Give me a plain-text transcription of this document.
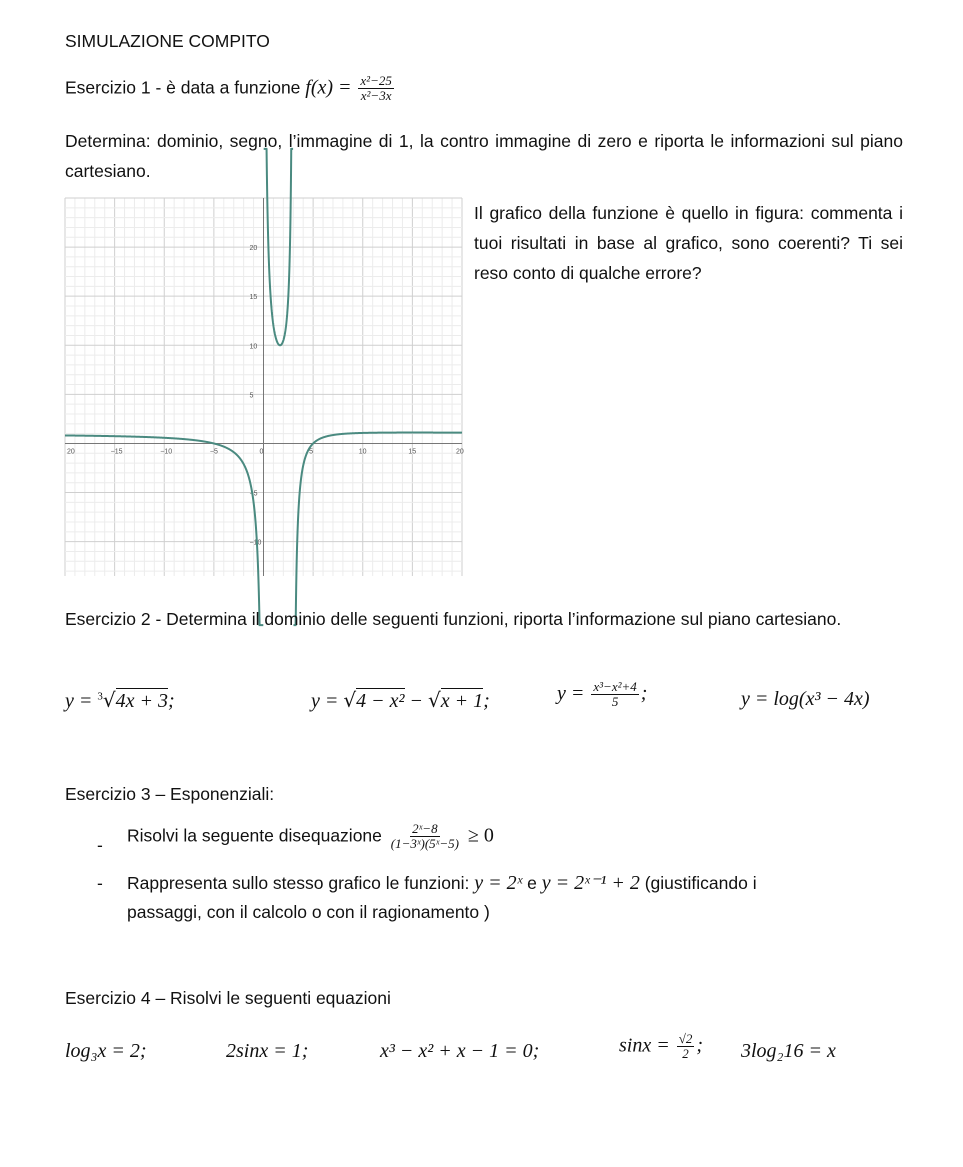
SIMULAZIONE COMPITO
Esercizio 1 - è data a funzione $f(x) = \frac{\text{x²−25}}{\text{x²−3x}}$
Determina: dominio, segno, l’immagine di 1, la contro immagine di zero e riporta le informazioni sul piano cartesiano.
20	−15	−10	−5	0	5	10	15	20
20
15
10
5
−5
−10
Il grafico della funzione è quello in figura: commenta i tuoi risultati in base al grafico, sono coerenti? Ti sei reso conto di qualche errore?
Esercizio 2 - Determina il dominio delle seguenti funzioni, riporta l’informazione sul piano cartesiano.
y = $^3$√4x + 3;	y = √4 − x² − √x + 1;	$y = \frac{\text{x³−x²+4}}{5}$ ;	y = log(x³ − 4x)
Esercizio 3 – Esponenziali:
- Risolvi la seguente disequazione $\frac{\text{2ˣ−8}}{\text{(1−3ˣ)(5ˣ−5)}} \ge 0$
- Rappresenta sullo stesso grafico le funzioni: y = 2ˣ e y = 2ˣ⁻¹ + 2 (giustificando i
passaggi, con il calcolo o con il ragionamento )
Esercizio 4 – Risolvi le seguenti equazioni
log₃x = 2;	2sinx = 1;	x³ − x² + x − 1 = 0;	$\sin x = \frac{√2}{2}$ ; 3log₂16 = x
